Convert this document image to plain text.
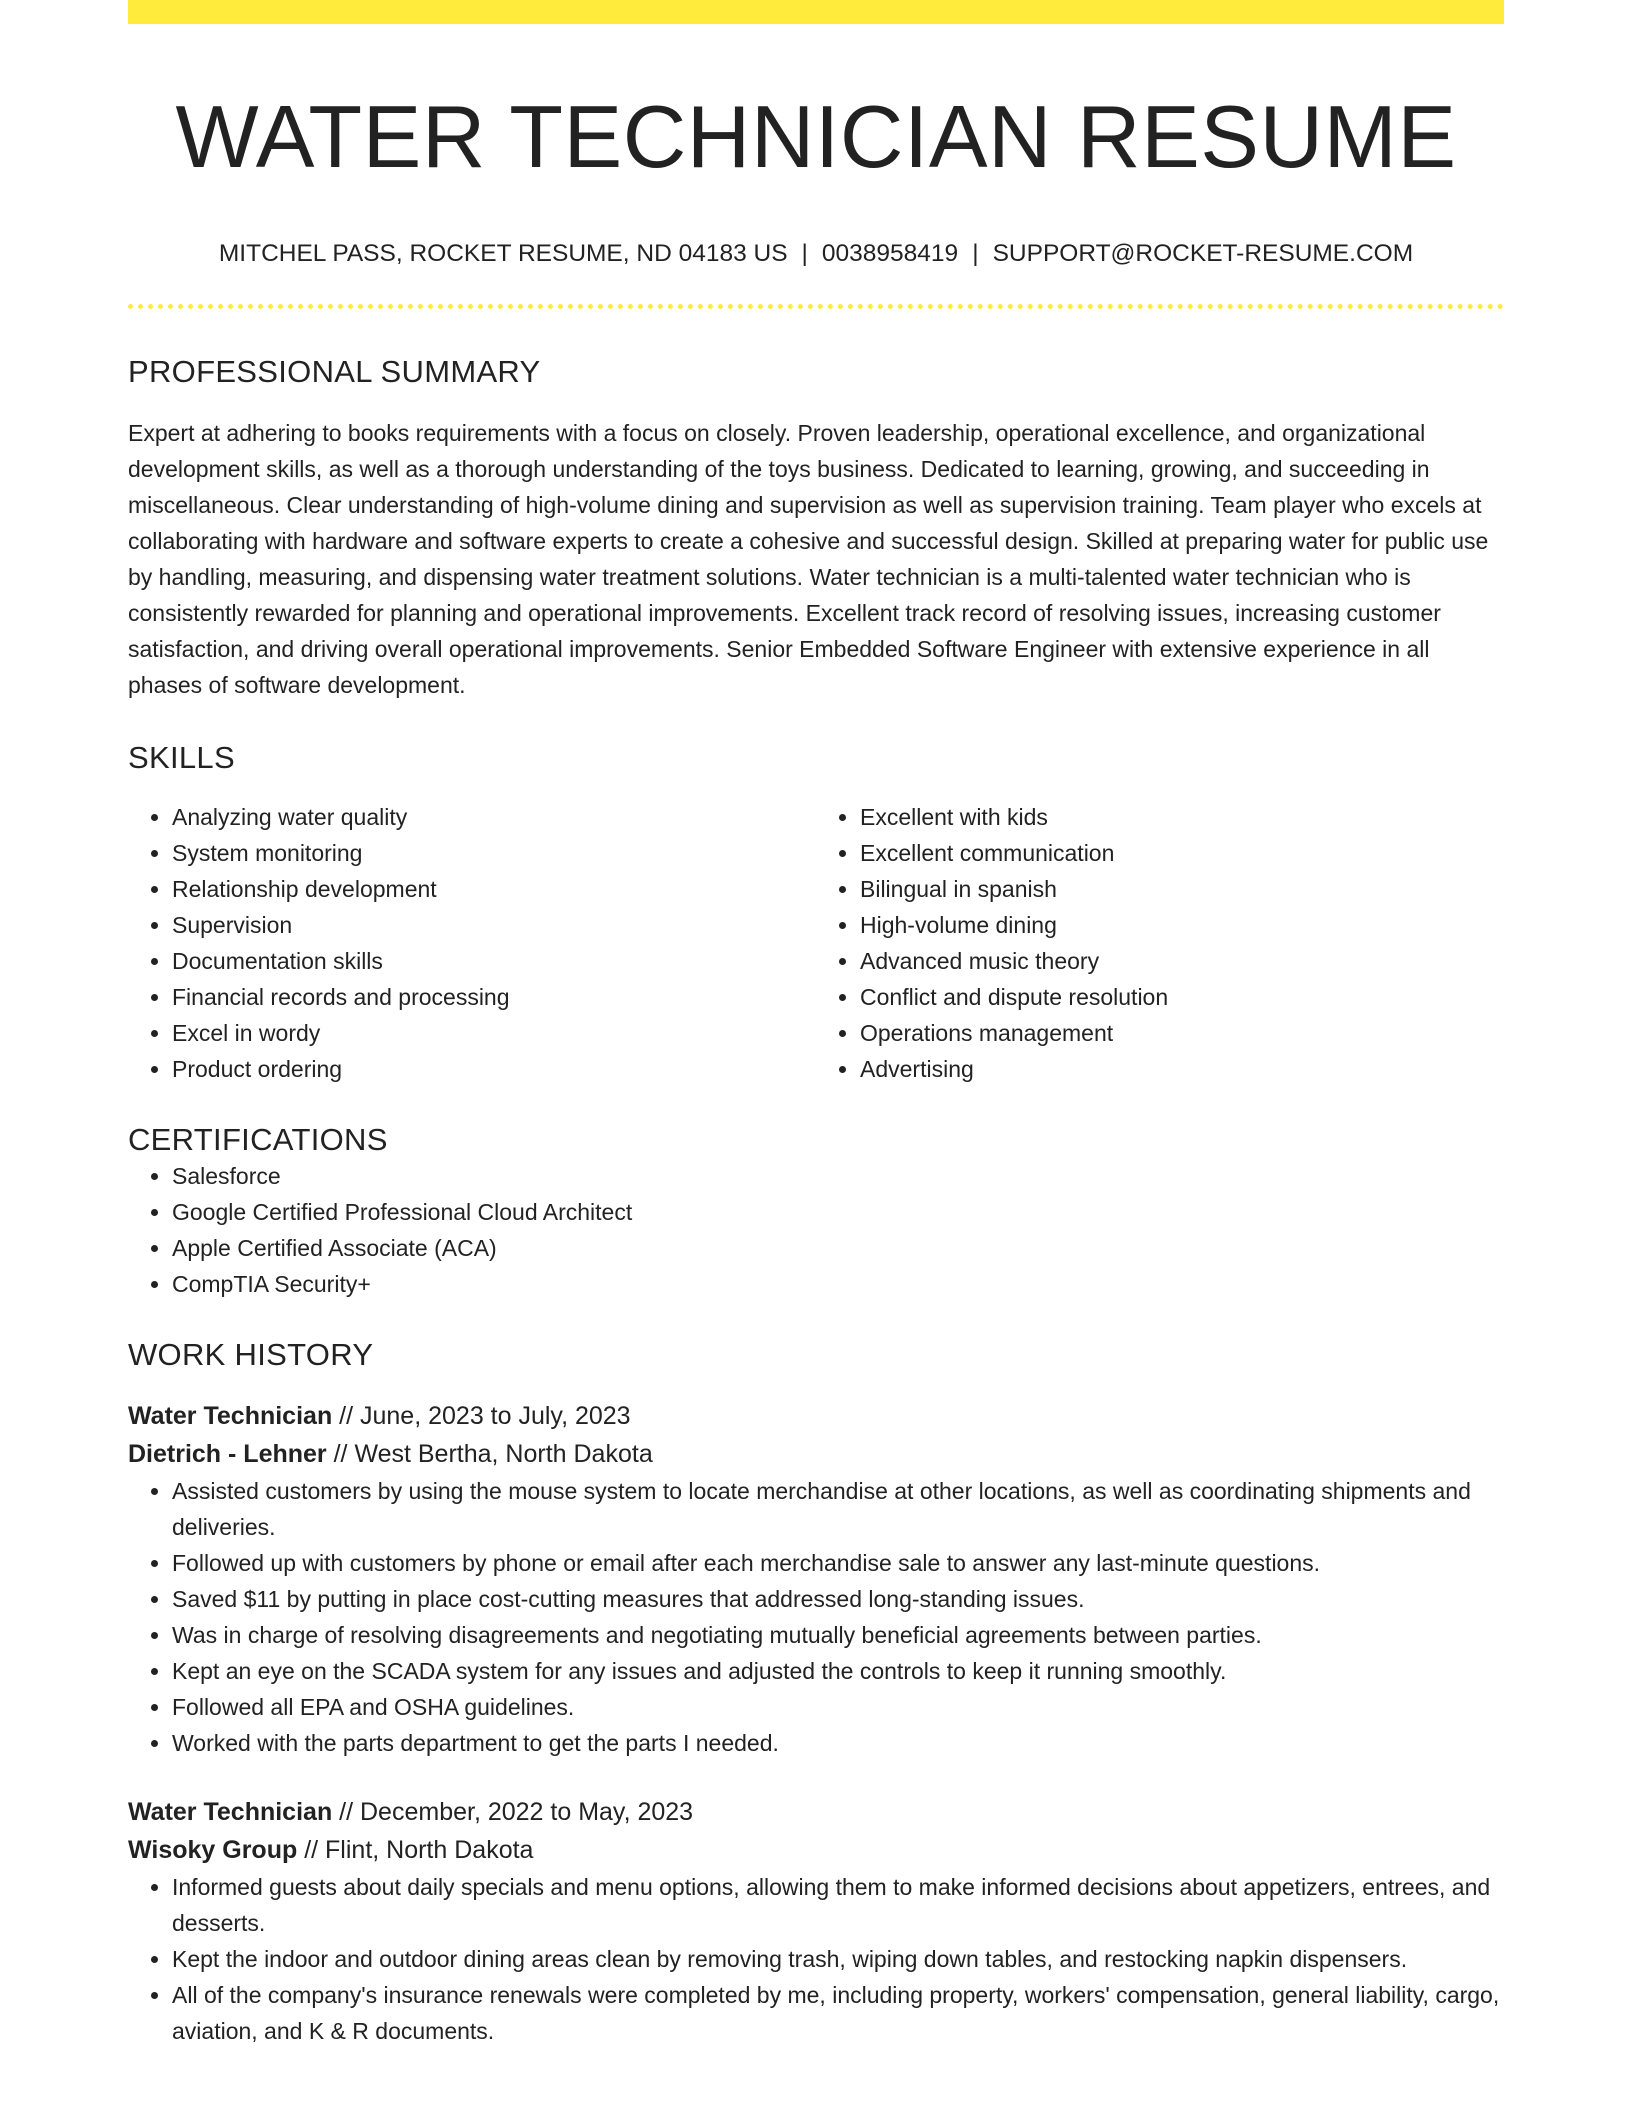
WATER TECHNICIAN RESUME
MITCHEL PASS, ROCKET RESUME, ND 04183 US | 0038958419 | SUPPORT@ROCKET-RESUME.COM
PROFESSIONAL SUMMARY

Expert at adhering to books requirements with a focus on closely. Proven leadership, operational excellence, and organizational development skills, as well as a thorough understanding of the toys business. Dedicated to learning, growing, and succeeding in miscellaneous. Clear understanding of high-volume dining and supervision as well as supervision training. Team player who excels at collaborating with hardware and software experts to create a cohesive and successful design. Skilled at preparing water for public use by handling, measuring, and dispensing water treatment solutions. Water technician is a multi-talented water technician who is consistently rewarded for planning and operational improvements. Excellent track record of resolving issues, increasing customer satisfaction, and driving overall operational improvements. Senior Embedded Software Engineer with extensive experience in all phases of software development.

SKILLS
• Analyzing water quality
• System monitoring
• Relationship development
• Supervision
• Documentation skills
• Financial records and processing
• Excel in wordy
• Product ordering
• Excellent with kids
• Excellent communication
• Bilingual in spanish
• High-volume dining
• Advanced music theory
• Conflict and dispute resolution
• Operations management
• Advertising
CERTIFICATIONS
• Salesforce
• Google Certified Professional Cloud Architect
• Apple Certified Associate (ACA)
• CompTIA Security+
WORK HISTORY
Water Technician // June, 2023 to July, 2023
Dietrich - Lehner // West Bertha, North Dakota
• Assisted customers by using the mouse system to locate merchandise at other locations, as well as coordinating shipments and deliveries.
• Followed up with customers by phone or email after each merchandise sale to answer any last-minute questions.
• Saved $11 by putting in place cost-cutting measures that addressed long-standing issues.
• Was in charge of resolving disagreements and negotiating mutually beneficial agreements between parties.
• Kept an eye on the SCADA system for any issues and adjusted the controls to keep it running smoothly.
• Followed all EPA and OSHA guidelines.
• Worked with the parts department to get the parts I needed.
Water Technician // December, 2022 to May, 2023
Wisoky Group // Flint, North Dakota
• Informed guests about daily specials and menu options, allowing them to make informed decisions about appetizers, entrees, and desserts.
• Kept the indoor and outdoor dining areas clean by removing trash, wiping down tables, and restocking napkin dispensers.
• All of the company's insurance renewals were completed by me, including property, workers' compensation, general liability, cargo, aviation, and K & R documents.
